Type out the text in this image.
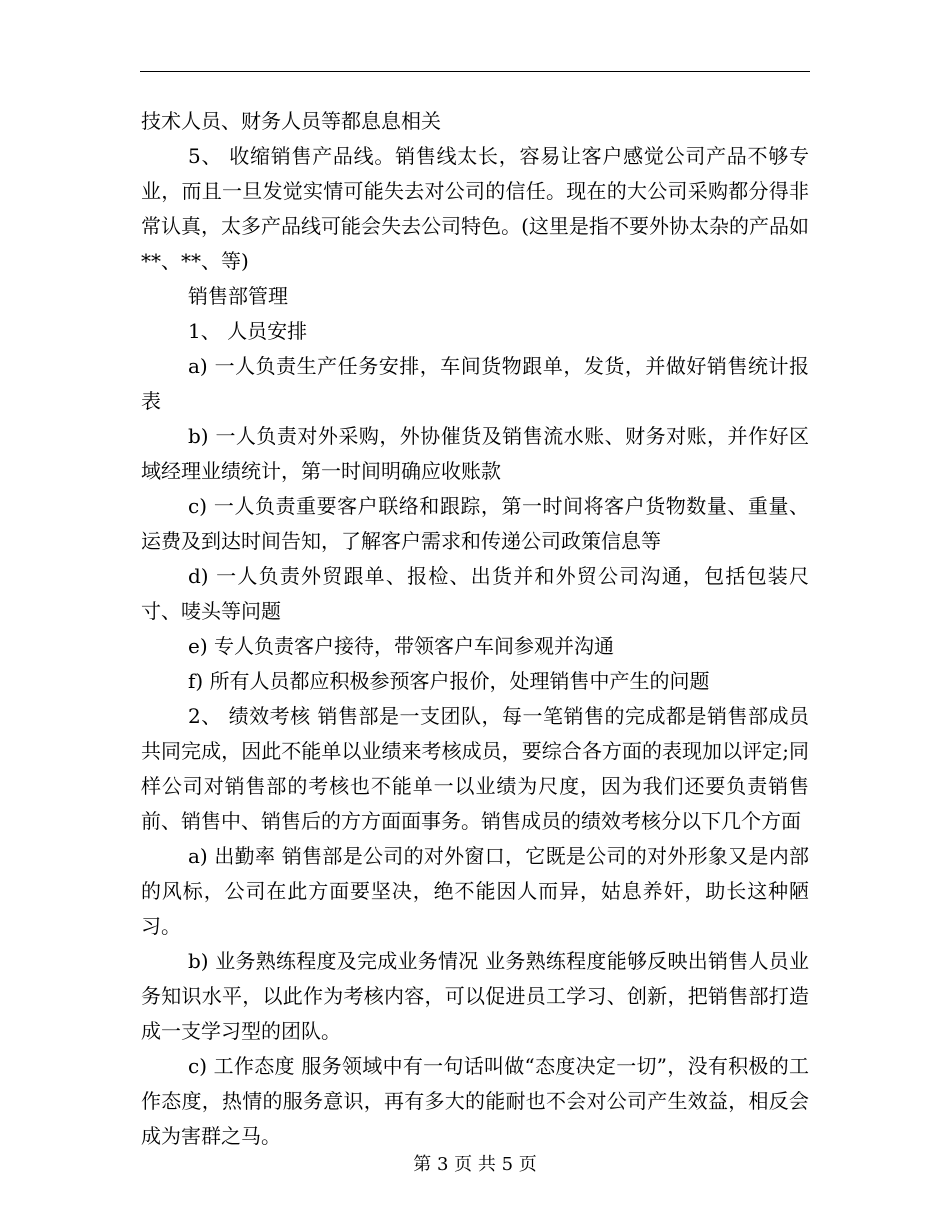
技术人员、财务人员等都息息相关

5、 收缩销售产品线。销售线太长，容易让客户感觉公司产品不够专业，而且一旦发觉实情可能失去对公司的信任。现在的大公司采购都分得非常认真，太多产品线可能会失去公司特色。(这里是指不要外协太杂的产品如**、**、等)

销售部管理

1、 人员安排

a) 一人负责生产任务安排，车间货物跟单，发货，并做好销售统计报表

b) 一人负责对外采购，外协催货及销售流水账、财务对账，并作好区域经理业绩统计，第一时间明确应收账款

c) 一人负责重要客户联络和跟踪，第一时间将客户货物数量、重量、运费及到达时间告知，了解客户需求和传递公司政策信息等

d) 一人负责外贸跟单、报检、出货并和外贸公司沟通，包括包装尺寸、唛头等问题

e) 专人负责客户接待，带领客户车间参观并沟通

f) 所有人员都应积极参预客户报价，处理销售中产生的问题

2、 绩效考核 销售部是一支团队，每一笔销售的完成都是销售部成员共同完成，因此不能单以业绩来考核成员，要综合各方面的表现加以评定;同样公司对销售部的考核也不能单一以业绩为尺度，因为我们还要负责销售前、销售中、销售后的方方面面事务。销售成员的绩效考核分以下几个方面

a) 出勤率 销售部是公司的对外窗口，它既是公司的对外形象又是内部的风标，公司在此方面要坚决，绝不能因人而异，姑息养奸，助长这种陋习。

b) 业务熟练程度及完成业务情况 业务熟练程度能够反映出销售人员业务知识水平，以此作为考核内容，可以促进员工学习、创新，把销售部打造成一支学习型的团队。

c) 工作态度 服务领域中有一句话叫做“态度决定一切”，没有积极的工作态度，热情的服务意识，再有多大的能耐也不会对公司产生效益，相反会成为害群之马。

第 3 页 共 5 页
